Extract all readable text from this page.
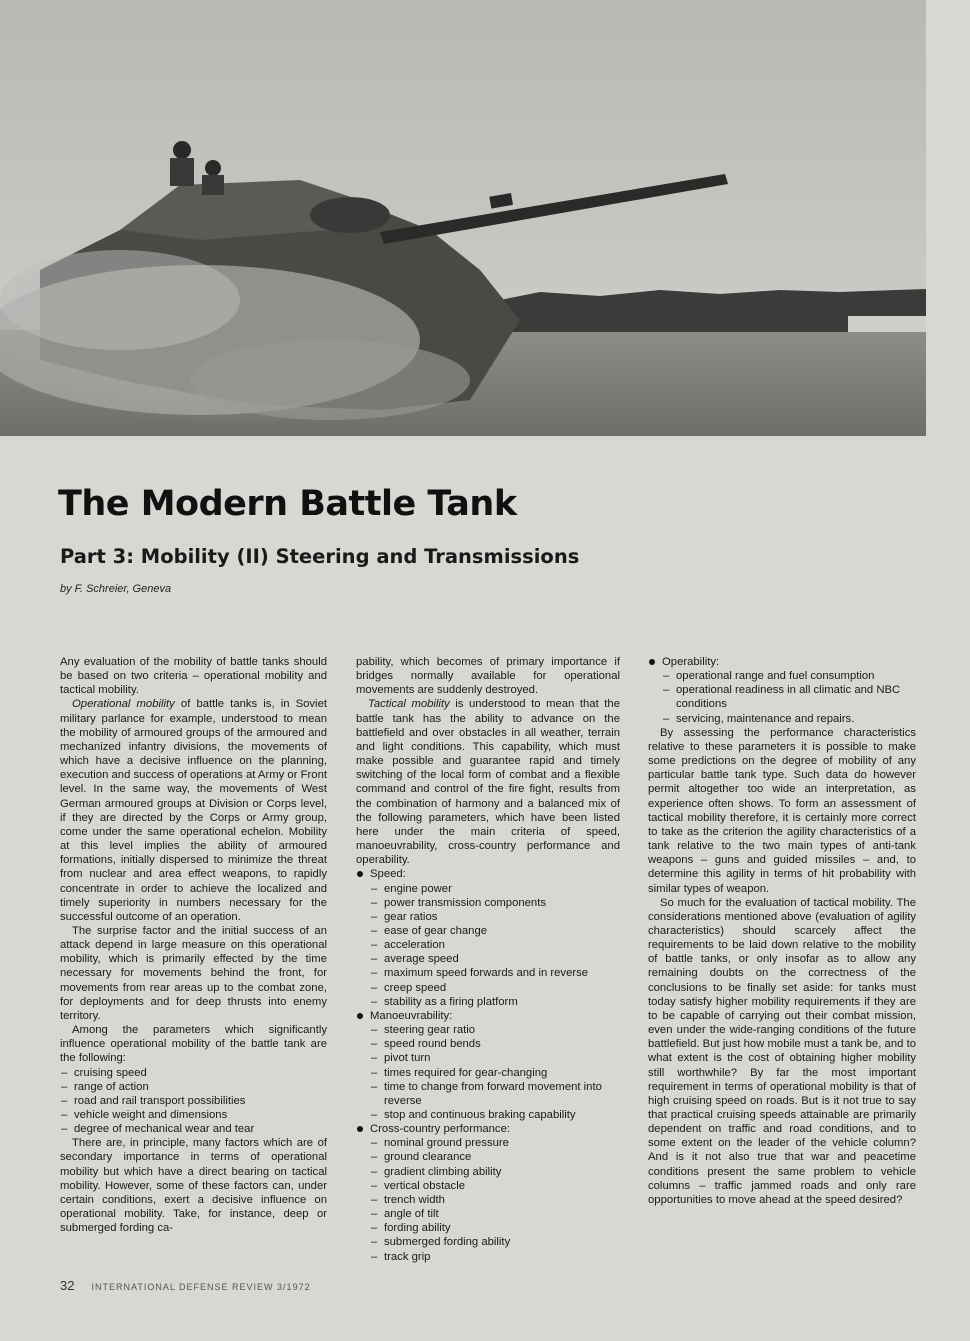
The Modern Battle Tank
Part 3: Mobility (II) Steering and Transmissions
by F. Schreier, Geneva

Any evaluation of the mobility of battle tanks should be based on two criteria – operational mobility and tactical mobility.

Operational mobility of battle tanks is, in Soviet military parlance for example, understood to mean the mobility of armoured groups of the armoured and mechanized infantry divisions, the movements of which have a decisive influence on the planning, execution and success of operations at Army or Front level. In the same way, the movements of West German armoured groups at Division or Corps level, if they are directed by the Corps or Army group, come under the same operational echelon. Mobility at this level implies the ability of armoured formations, initially dispersed to minimize the threat from nuclear and area effect weapons, to rapidly concentrate in order to achieve the localized and timely superiority in numbers necessary for the successful outcome of an operation.

The surprise factor and the initial success of an attack depend in large measure on this operational mobility, which is primarily effected by the time necessary for movements behind the front, for movements from rear areas up to the combat zone, for deployments and for deep thrusts into enemy territory.

Among the parameters which significantly influence operational mobility of the battle tank are the following:

– cruising speed
– range of action
– road and rail transport possibilities
– vehicle weight and dimensions
– degree of mechanical wear and tear

There are, in principle, many factors which are of secondary importance in terms of operational mobility but which have a direct bearing on tactical mobility. However, some of these factors can, under certain conditions, exert a decisive influence on operational mobility. Take, for instance, deep or submerged fording ca-

pability, which becomes of primary importance if bridges normally available for operational movements are suddenly destroyed.

Tactical mobility is understood to mean that the battle tank has the ability to advance on the battlefield and over obstacles in all weather, terrain and light conditions. This capability, which must make possible and guarantee rapid and timely switching of the local form of combat and a flexible command and control of the fire fight, results from the combination of harmony and a balanced mix of the following parameters, which have been listed here under the main criteria of speed, manoeuvrability, cross-country performance and operability.

Speed:
– engine power
– power transmission components
– gear ratios
– ease of gear change
– acceleration
– average speed
– maximum speed forwards and in reverse
– creep speed
– stability as a firing platform
Manoeuvrability:
– steering gear ratio
– speed round bends
– pivot turn
– times required for gear-changing
– time to change from forward movement into reverse
– stop and continuous braking capability
Cross-country performance:
– nominal ground pressure
– ground clearance
– gradient climbing ability
– vertical obstacle
– trench width
– angle of tilt
– fording ability
– submerged fording ability
– track grip
Operability:
– operational range and fuel consumption
– operational readiness in all climatic and NBC conditions
– servicing, maintenance and repairs.

By assessing the performance characteristics relative to these parameters it is possible to make some predictions on the degree of mobility of any particular battle tank type. Such data do however permit altogether too wide an interpretation, as experience often shows. To form an assessment of tactical mobility therefore, it is certainly more correct to take as the criterion the agility characteristics of a tank relative to the two main types of anti-tank weapons – guns and guided missiles – and, to determine this agility in terms of hit probability with similar types of weapon.

So much for the evaluation of tactical mobility. The considerations mentioned above (evaluation of agility characteristics) should scarcely affect the requirements to be laid down relative to the mobility of battle tanks, or only insofar as to allow any remaining doubts on the correctness of the conclusions to be finally set aside: for tanks must today satisfy higher mobility requirements if they are to be capable of carrying out their combat mission, even under the wide-ranging conditions of the future battlefield. But just how mobile must a tank be, and to what extent is the cost of obtaining higher mobility still worthwhile? By far the most important requirement in terms of operational mobility is that of high cruising speed on roads. But is it not true to say that practical cruising speeds attainable are primarily dependent on traffic and road conditions, and to some extent on the leader of the vehicle column? And is it not also true that war and peacetime conditions present the same problem to vehicle columns – traffic jammed roads and only rare opportunities to move ahead at the speed desired?

32 INTERNATIONAL DEFENSE REVIEW 3/1972
